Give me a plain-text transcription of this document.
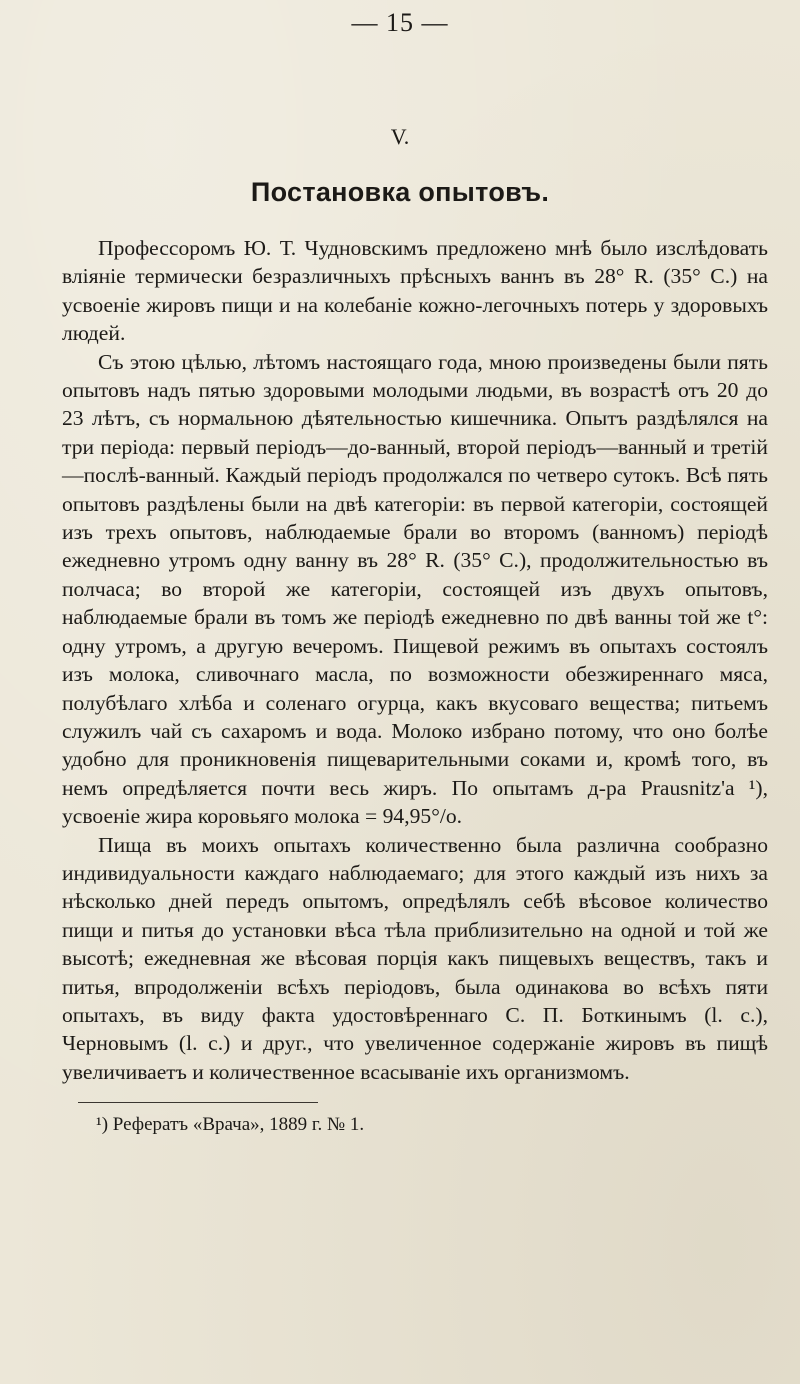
— 15 —
V.
Постановка опытовъ.

Профессоромъ Ю. Т. Чудновскимъ предложено мнѣ было изслѣдовать вліяніе термически безразличныхъ прѣсныхъ ваннъ въ 28° R. (35° С.) на усвоеніе жировъ пищи и на колебаніе кожно-легочныхъ потерь у здоровыхъ людей.

Съ этою цѣлью, лѣтомъ настоящаго года, мною произведены были пять опытовъ надъ пятью здоровыми молодыми людьми, въ возрастѣ отъ 20 до 23 лѣтъ, съ нормальною дѣятельностью кишечника. Опытъ раздѣлялся на три періода: первый періодъ—до-ванный, второй періодъ—ванный и третій—послѣ-ванный. Каждый періодъ продолжался по четверо сутокъ. Всѣ пять опытовъ раздѣлены были на двѣ категоріи: въ первой категоріи, состоящей изъ трехъ опытовъ, наблюдаемые брали во второмъ (ванномъ) періодѣ ежедневно утромъ одну ванну въ 28° R. (35° С.), продолжительностью въ полчаса; во второй же категоріи, состоящей изъ двухъ опытовъ, наблюдаемые брали въ томъ же періодѣ ежедневно по двѣ ванны той же t°: одну утромъ, а другую вечеромъ. Пищевой режимъ въ опытахъ состоялъ изъ молока, сливочнаго масла, по возможности обезжиреннаго мяса, полубѣлаго хлѣба и соленаго огурца, какъ вкусоваго вещества; питьемъ служилъ чай съ сахаромъ и вода. Молоко избрано потому, что оно болѣе удобно для проникновенія пищеварительными соками и, кромѣ того, въ немъ опредѣляется почти весь жиръ. По опытамъ д-ра Prausnitz'а ¹), усвоеніе жира коровьяго молока = 94,95°/о.

Пища въ моихъ опытахъ количественно была различна сообразно индивидуальности каждаго наблюдаемаго; для этого каждый изъ нихъ за нѣсколько дней передъ опытомъ, опредѣлялъ себѣ вѣсовое количество пищи и питья до установки вѣса тѣла приблизительно на одной и той же высотѣ; ежедневная же вѣсовая порція какъ пищевыхъ веществъ, такъ и питья, впродолженіи всѣхъ періодовъ, была одинакова во всѣхъ пяти опытахъ, въ виду факта удостовѣреннаго С. П. Боткинымъ (l. с.), Черновымъ (l. с.) и друг., что увеличенное содержаніе жировъ въ пищѣ увеличиваетъ и количественное всасываніе ихъ организмомъ.

¹) Рефератъ «Врача», 1889 г. № 1.
